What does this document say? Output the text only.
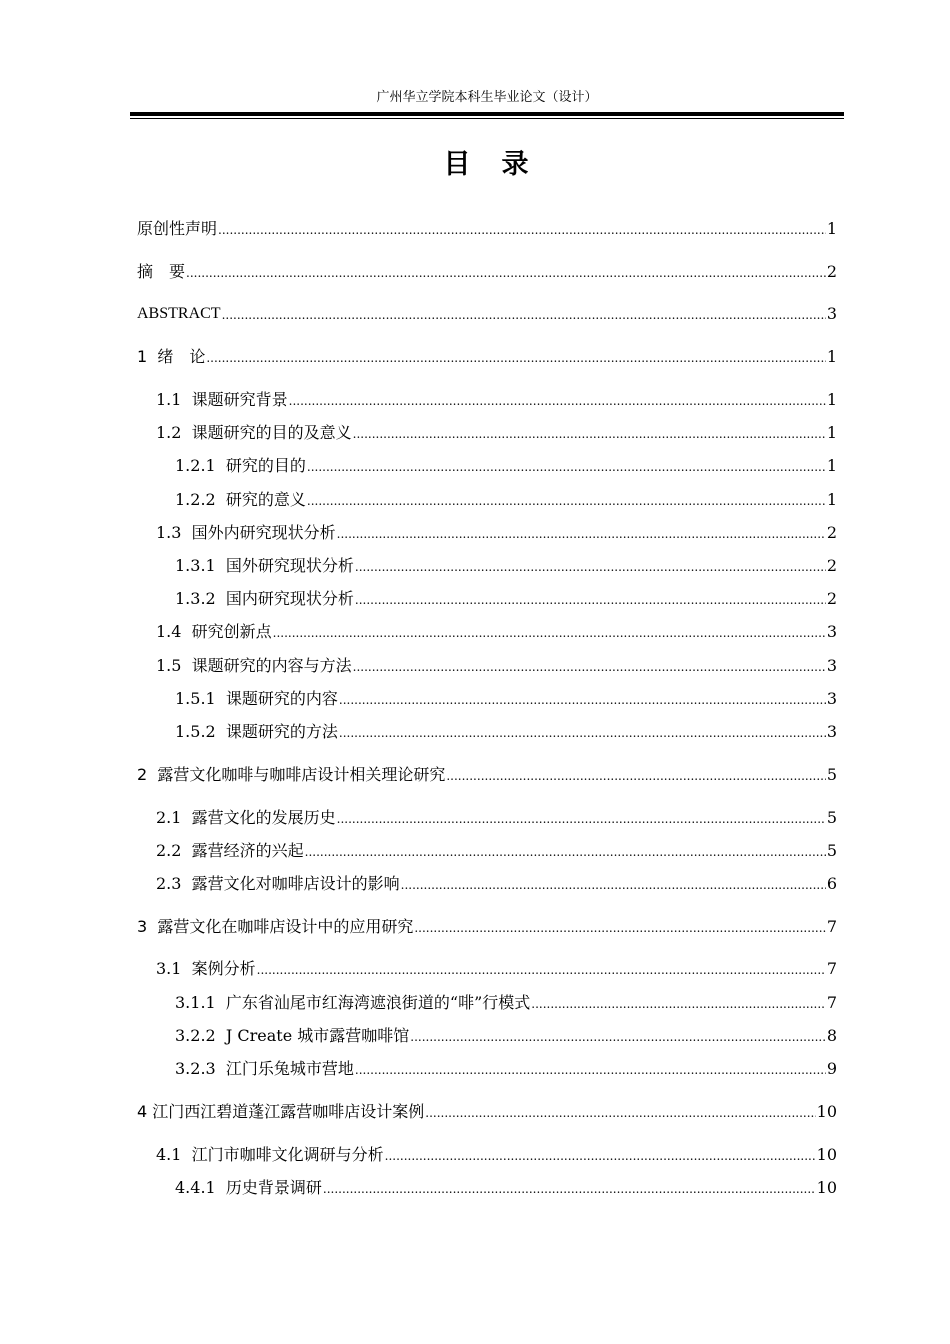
广州华立学院本科生毕业论文（设计）
目　录
原创性声明 .....	1
摘　要 .....	2
ABSTRACT .....	3
1  绪　论 .....	1
1.1  课题研究背景 .....	1
1.2  课题研究的目的及意义 .....	1
1.2.1  研究的目的 .....	1
1.2.2  研究的意义 .....	1
1.3  国外内研究现状分析 .....	2
1.3.1  国外研究现状分析 .....	2
1.3.2  国内研究现状分析 .....	2
1.4  研究创新点 .....	3
1.5  课题研究的内容与方法 .....	3
1.5.1  课题研究的内容 .....	3
1.5.2  课题研究的方法 .....	3
2  露营文化咖啡与咖啡店设计相关理论研究 .....	5
2.1  露营文化的发展历史 .....	5
2.2  露营经济的兴起 .....	5
2.3  露营文化对咖啡店设计的影响 .....	6
3  露营文化在咖啡店设计中的应用研究 .....	7
3.1  案例分析 .....	7
3.1.1  广东省汕尾市红海湾遮浪街道的“啡”行模式 .....	7
3.2.2  J Create 城市露营咖啡馆 .....	8
3.2.3  江门乐兔城市营地 .....	9
4 江门西江碧道蓬江露营咖啡店设计案例 .....	10
4.1  江门市咖啡文化调研与分析 .....	10
4.4.1  历史背景调研 .....	10
